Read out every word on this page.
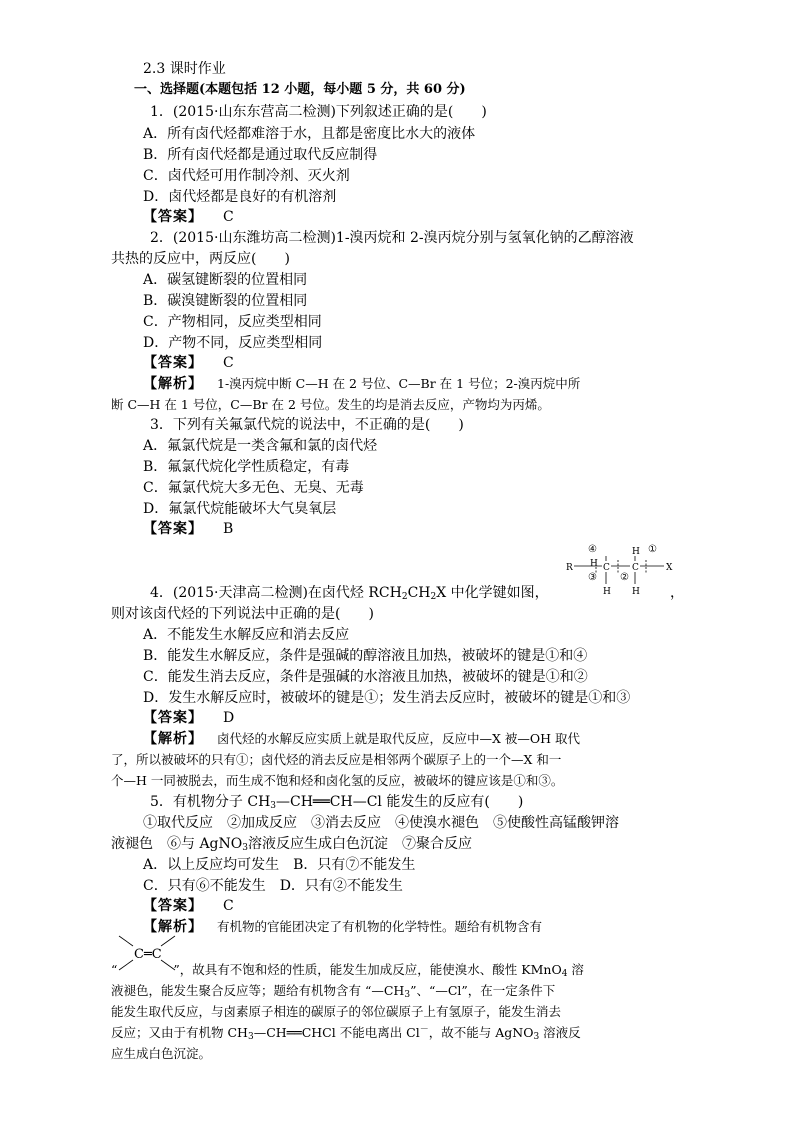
2.3 课时作业
一、选择题(本题包括 12 小题，每小题 5 分，共 60 分)
1．(2015·山东东营高二检测)下列叙述正确的是(　　)
A．所有卤代烃都难溶于水，且都是密度比水大的液体
B．所有卤代烃都是通过取代反应制得
C．卤代烃可用作制冷剂、灭火剂
D．卤代烃都是良好的有机溶剂
【答案】 C
2．(2015·山东潍坊高二检测)1-溴丙烷和 2-溴丙烷分别与氢氧化钠的乙醇溶液
共热的反应中，两反应(　　)
A．碳氢键断裂的位置相同
B．碳溴键断裂的位置相同
C．产物相同，反应类型相同
D．产物不同，反应类型相同
【答案】 C
【解析】 1-溴丙烷中断 C—H 在 2 号位、C—Br 在 1 号位；2-溴丙烷中所
断 C—H 在 1 号位，C—Br 在 2 号位。发生的均是消去反应，产物均为丙烯。
3．下列有关氟氯代烷的说法中，不正确的是(　　)
A．氟氯代烷是一类含氟和氯的卤代烃
B．氟氯代烷化学性质稳定，有毒
C．氟氯代烷大多无色、无臭、无毒
D．氟氯代烷能破坏大气臭氧层
【答案】 B
④
H
H ①
R	C C	X
③ ②
H H
4．(2015·天津高二检测)在卤代烃 $RCH_2CH_2X$ 中化学键如图，	，
则对该卤代烃的下列说法中正确的是(　　)
A．不能发生水解反应和消去反应
B．能发生水解反应，条件是强碱的醇溶液且加热，被破坏的键是①和④
C．能发生消去反应，条件是强碱的水溶液且加热，被破坏的键是①和②
D．发生水解反应时，被破坏的键是①；发生消去反应时，被破坏的键是①和③
【答案】 D
【解析】 卤代烃的水解反应实质上就是取代反应，反应中—X 被—OH 取代
了，所以被破坏的只有①；卤代烃的消去反应是相邻两个碳原子上的一个—X 和一
个—H 一同被脱去，而生成不饱和烃和卤化氢的反应，被破坏的键应该是①和③。
5．有机物分子 $CH_3—CH══CH—Cl$ 能发生的反应有(　　)
①取代反应　②加成反应　③消去反应　④使溴水褪色　⑤使酸性高锰酸钾溶
液褪色　⑥与 AgNO$_3$溶液反应生成白色沉淀　⑦聚合反应
A．以上反应均可发生　B．只有⑦不能发生
C．只有⑥不能发生　D．只有②不能发生
【答案】 C
【解析】 有机物的官能团决定了有机物的化学特性。题给有机物含有
C═C
“	”，故具有不饱和烃的性质，能发生加成反应，能使溴水、酸性 KMnO$_4$ 溶
液褪色，能发生聚合反应等；题给有机物含有 “$—CH_3$”、“—Cl”，在一定条件下
能发生取代反应，与卤素原子相连的碳原子的邻位碳原子上有氢原子，能发生消去
反应；又由于有机物 $CH_3—CH══CHCl$ 不能电离出 Cl－，故不能与 AgNO$_3$ 溶液反
应生成白色沉淀。
